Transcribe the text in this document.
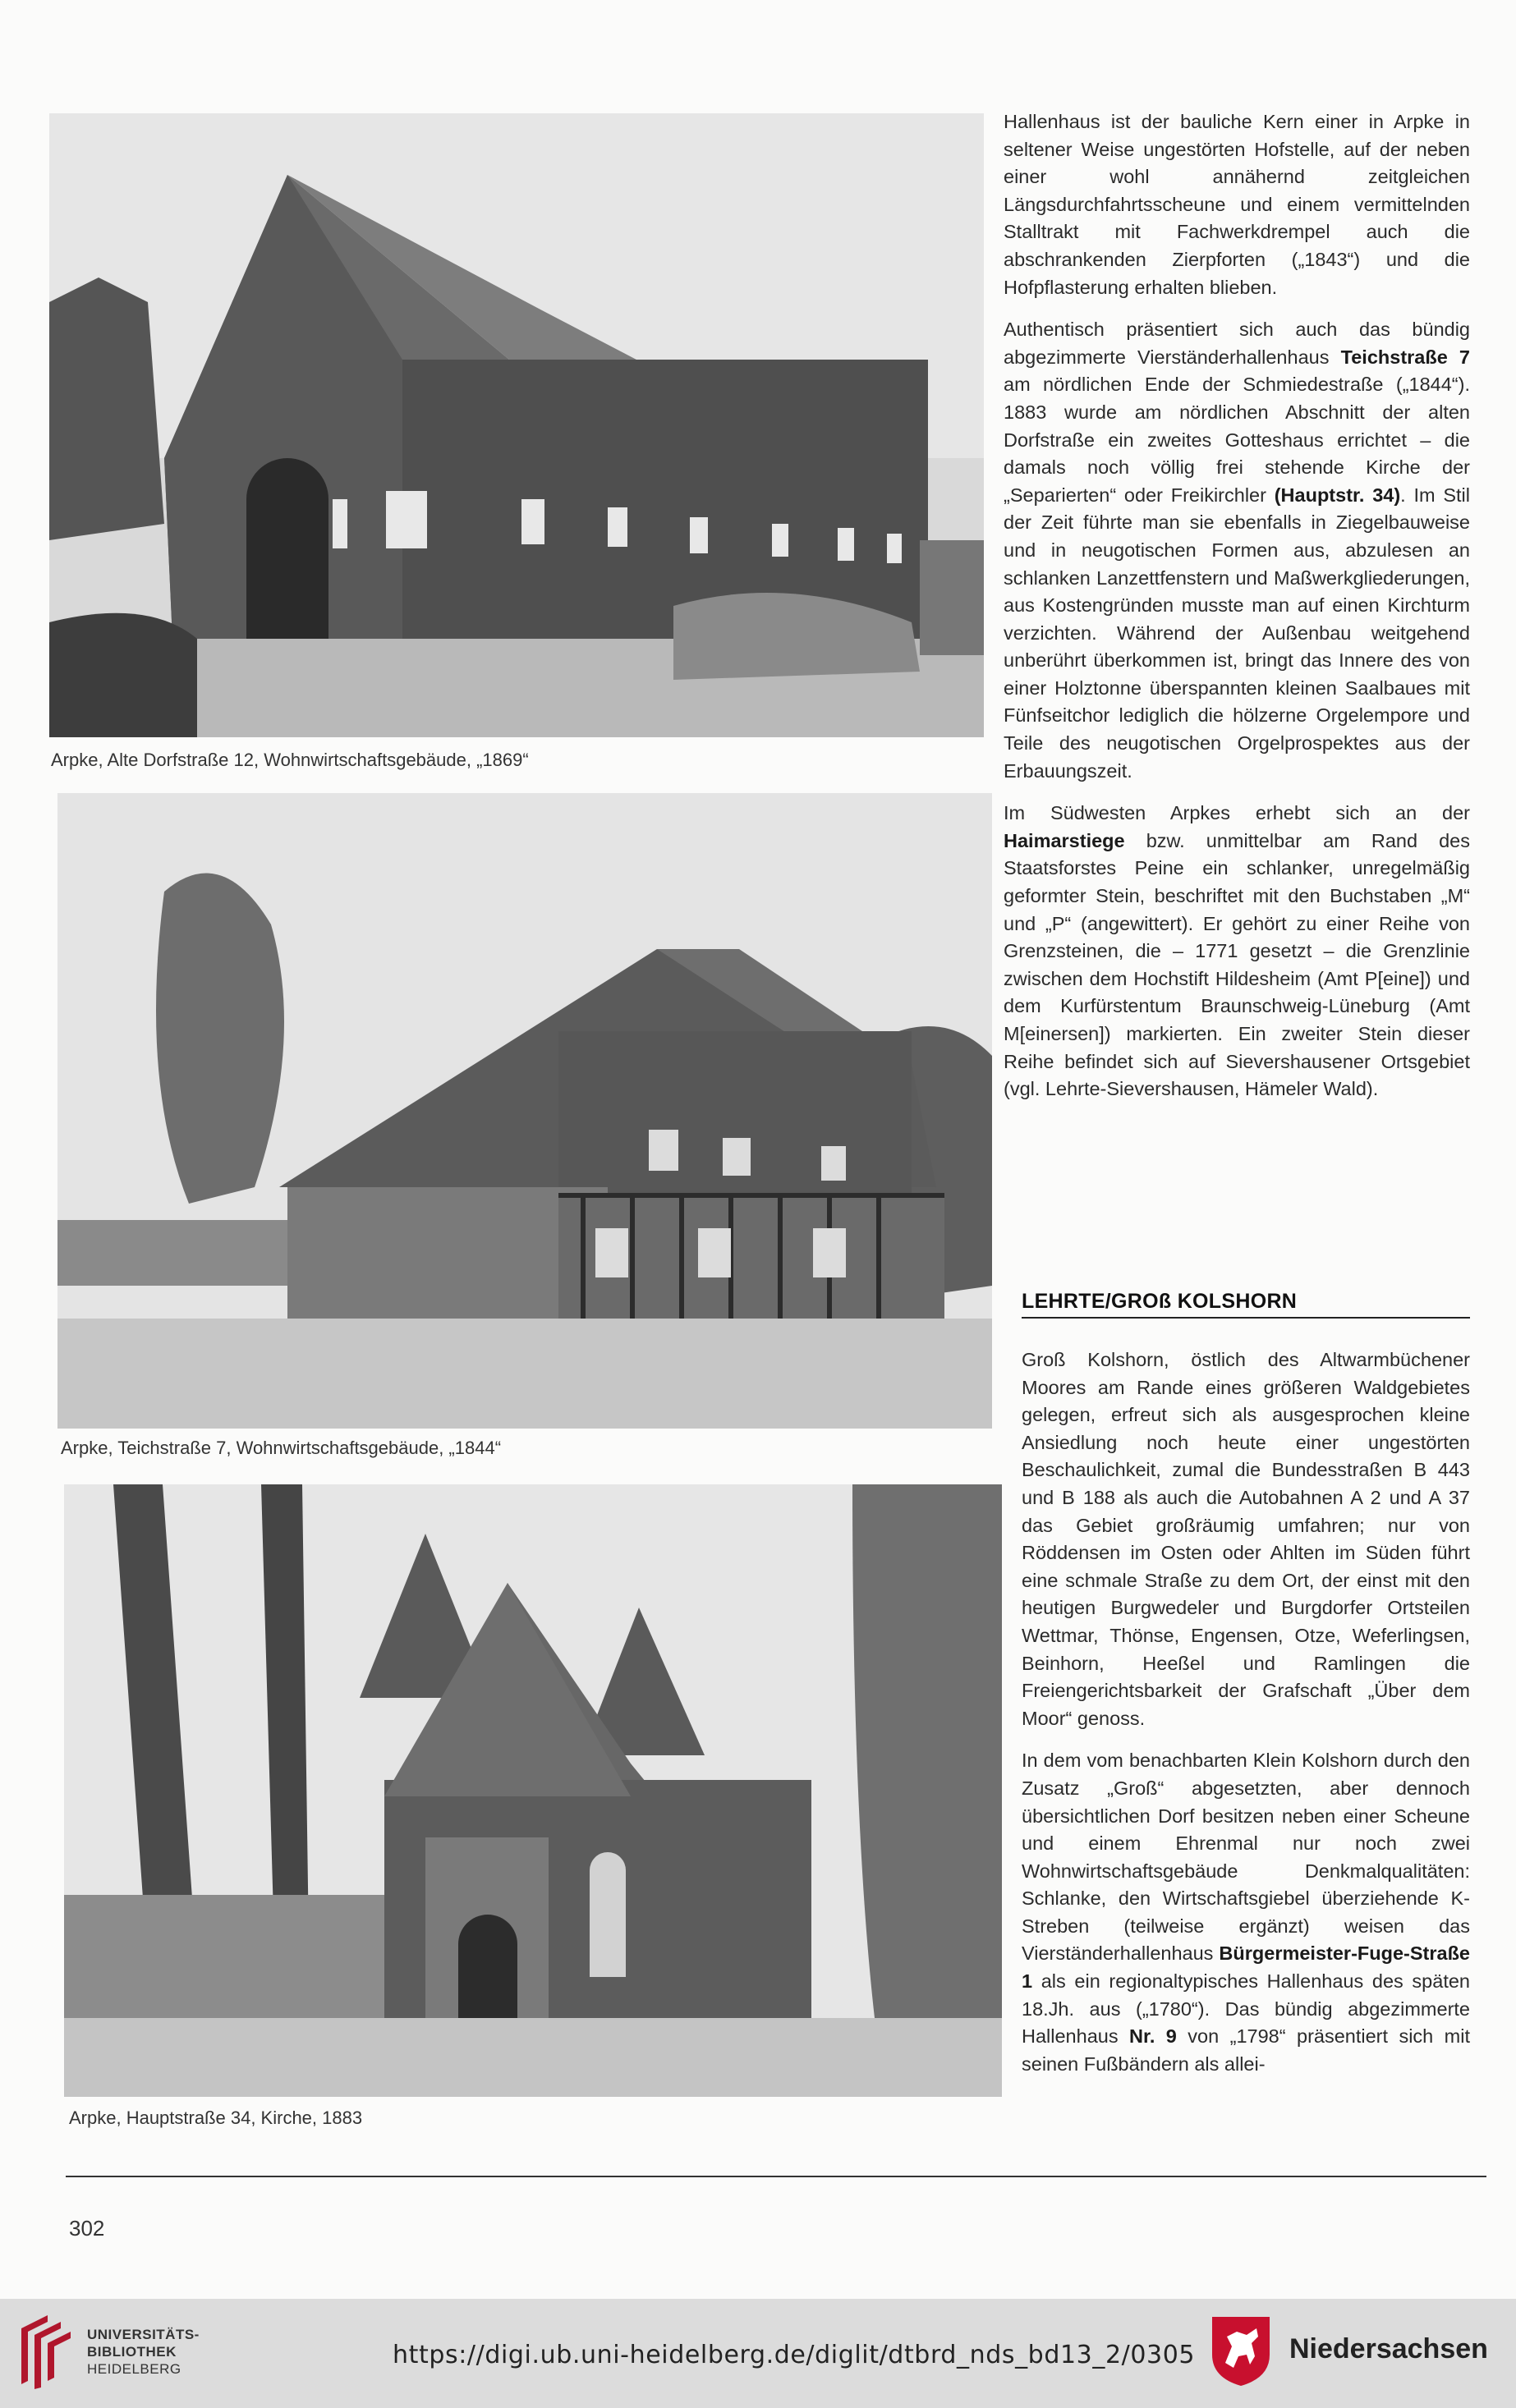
Arpke, Alte Dorfstraße 12, Wohnwirtschaftsgebäude, „1869“
Arpke, Teichstraße 7, Wohnwirtschaftsgebäude, „1844“
Arpke, Hauptstraße 34, Kirche, 1883

Hallenhaus ist der bauliche Kern einer in Arpke in seltener Weise ungestörten Hofstelle, auf der neben einer wohl annähernd zeitgleichen Längsdurchfahrtsscheune und einem vermittelnden Stalltrakt mit Fachwerkdrempel auch die abschrankenden Zierpforten („1843“) und die Hofpflasterung erhalten blieben.

Authentisch präsentiert sich auch das bündig abgezimmerte Vierständerhallenhaus Teichstraße 7 am nördlichen Ende der Schmiedestraße („1844“). 1883 wurde am nördlichen Abschnitt der alten Dorfstraße ein zweites Gotteshaus errichtet – die damals noch völlig frei stehende Kirche der „Separierten“ oder Freikirchler (Hauptstr. 34). Im Stil der Zeit führte man sie ebenfalls in Ziegelbauweise und in neugotischen Formen aus, abzulesen an schlanken Lanzettfenstern und Maßwerkgliederungen, aus Kostengründen musste man auf einen Kirchturm verzichten. Während der Außenbau weitgehend unberührt überkommen ist, bringt das Innere des von einer Holztonne überspannten kleinen Saalbaues mit Fünfseitchor lediglich die hölzerne Orgelempore und Teile des neugotischen Orgelprospektes aus der Erbauungszeit.

Im Südwesten Arpkes erhebt sich an der Haimarstiege bzw. unmittelbar am Rand des Staatsforstes Peine ein schlanker, unregelmäßig geformter Stein, beschriftet mit den Buchstaben „M“ und „P“ (angewittert). Er gehört zu einer Reihe von Grenzsteinen, die – 1771 gesetzt – die Grenzlinie zwischen dem Hochstift Hildesheim (Amt P[eine]) und dem Kurfürstentum Braunschweig-Lüneburg (Amt M[einersen]) markierten. Ein zweiter Stein dieser Reihe befindet sich auf Sievershausener Ortsgebiet (vgl. Lehrte-Sievershausen, Hämeler Wald).

LEHRTE/GROß KOLSHORN

Groß Kolshorn, östlich des Altwarmbüchener Moores am Rande eines größeren Waldgebietes gelegen, erfreut sich als ausgesprochen kleine Ansiedlung noch heute einer ungestörten Beschaulichkeit, zumal die Bundesstraßen B 443 und B 188 als auch die Autobahnen A 2 und A 37 das Gebiet großräumig umfahren; nur von Röddensen im Osten oder Ahlten im Süden führt eine schmale Straße zu dem Ort, der einst mit den heutigen Burgwedeler und Burgdorfer Ortsteilen Wettmar, Thönse, Engensen, Otze, Weferlingsen, Beinhorn, Heeßel und Ramlingen die Freiengerichtsbarkeit der Grafschaft „Über dem Moor“ genoss.

In dem vom benachbarten Klein Kolshorn durch den Zusatz „Groß“ abgesetzten, aber dennoch übersichtlichen Dorf besitzen neben einer Scheune und einem Ehrenmal nur noch zwei Wohnwirtschaftsgebäude Denkmalqualitäten: Schlanke, den Wirtschaftsgiebel überziehende K-Streben (teilweise ergänzt) weisen das Vierständerhallenhaus Bürgermeister-Fuge-Straße 1 als ein regionaltypisches Hallenhaus des späten 18.Jh. aus („1780“). Das bündig abgezimmerte Hallenhaus Nr. 9 von „1798“ präsentiert sich mit seinen Fußbändern als allei-

302
UNIVERSITÄTS-
BIBLIOTHEK
HEIDELBERG	https://digi.ub.uni-heidelberg.de/diglit/dtbrd_nds_bd13_2/0305	Niedersachsen
